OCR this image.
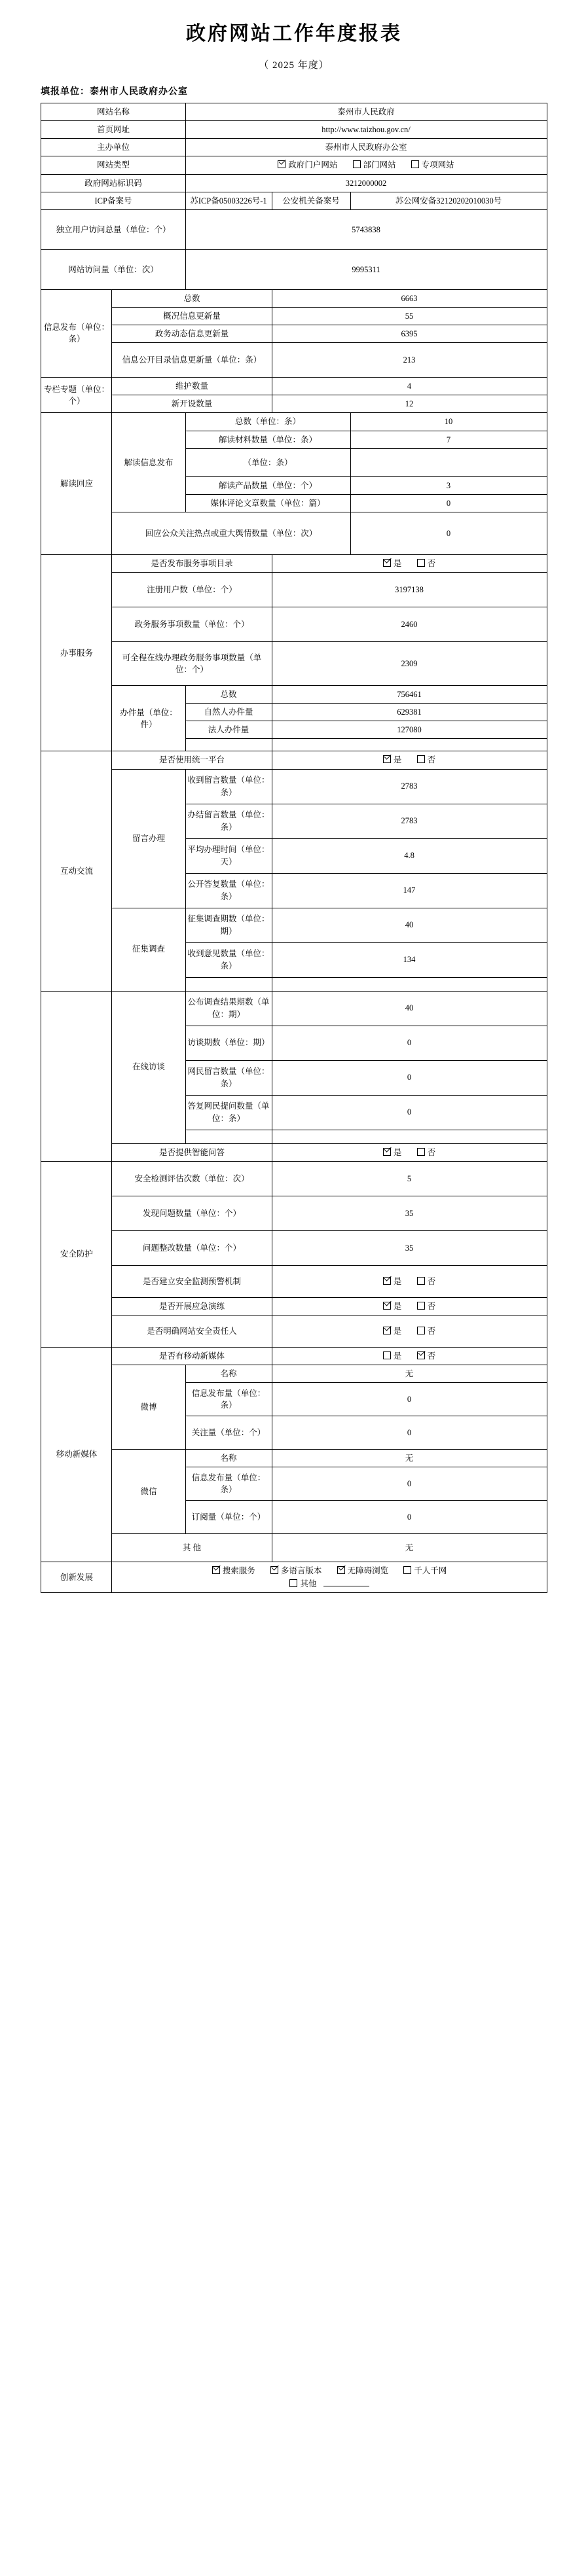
政府网站工作年度报表
（ 2025 年度）
填报单位：泰州市人民政府办公室
网站名称		泰州市人民政府		
首页网址		http://www.taizhou.gov.cn/		
主办单位		泰州市人民政府办公室		
网站类型		政府门户网站 部门网站 专项网站		
政府网站标识码		3212000002		
ICP备案号		苏ICP备05003226号-1	公安机关备案号	苏公网安备32120202010030号
独立用户访问总量（单位：个）		5743838		
网站访问量（单位：次）		9995311		
信息发布（单位：条）	总数		6663	
	概况信息更新量		55	
	政务动态信息更新量		6395	
	信息公开目录信息更新量（单位：条）		213	
专栏专题（单位：个）	维护数量		4	
	新开设数量		12	
解读回应	解读信息发布	总数（单位：条）		10
		解读材料数量（单位：条）		7
		（单位：条）		
		解读产品数量（单位：个）		3
		媒体评论文章数量（单位：篇）		0
	回应公众关注热点或重大舆情数量（单位：次）			0
办事服务	是否发布服务事项目录		是 否	
	注册用户数（单位：个）		3197138	
	政务服务事项数量（单位：个）		2460	
	可全程在线办理政务服务事项数量（单位：个）		2309	
	办件量（单位：件）	总数	756461	
		自然人办件量	629381	
		法人办件量	127080	

互动交流	是否使用统一平台		是 否	
	留言办理	收到留言数量（单位：条）	2783	
		办结留言数量（单位：条）	2783	
		平均办理时间（单位：天）	4.8	
		公开答复数量（单位：条）	147	
	征集调查	征集调查期数（单位：期）	40	
		收到意见数量（单位：条）	134	

	在线访谈	公布调查结果期数（单位：期）	40	
		访谈期数（单位：期）	0	
		网民留言数量（单位：条）	0	
		答复网民提问数量（单位：条）	0	

	是否提供智能问答		是 否	
安全防护	安全检测评估次数（单位：次）		5	
	发现问题数量（单位：个）		35	
	问题整改数量（单位：个）		35	
	是否建立安全监测预警机制		是 否	
	是否开展应急演练		是 否	
	是否明确网站安全责任人		是 否	
移动新媒体	是否有移动新媒体		是 否	
	微博	名称	无	
		信息发布量（单位：条）	0	
		关注量（单位：个）	0	
	微信	名称	无	
		信息发布量（单位：条）	0	
		订阅量（单位：个）	0	
	其 他		无	
创新发展	搜索服务 多语言版本 无障碍浏览 千人千网
其他			
